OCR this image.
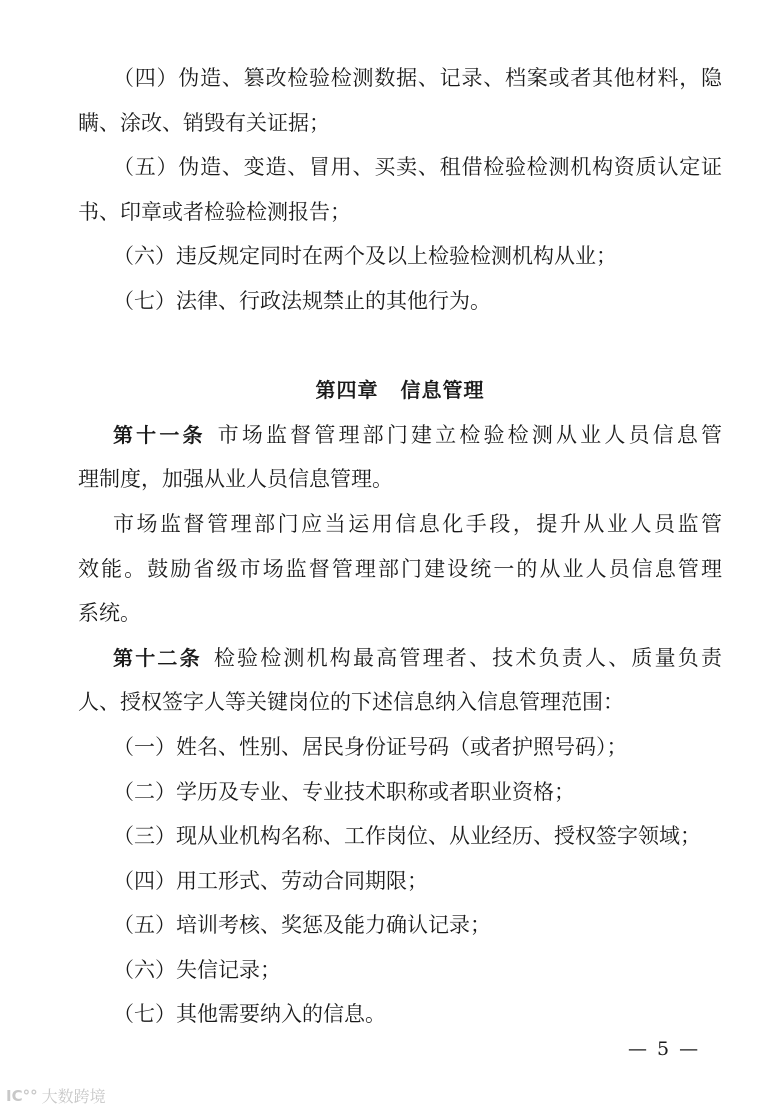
（四）伪造、篡改检验检测数据、记录、档案或者其他材料，隐
瞒、涂改、销毁有关证据；
（五）伪造、变造、冒用、买卖、租借检验检测机构资质认定证
书、印章或者检验检测报告；
（六）违反规定同时在两个及以上检验检测机构从业；
（七）法律、行政法规禁止的其他行为。
第四章 信息管理
第十一条 市场监督管理部门建立检验检测从业人员信息管
理制度，加强从业人员信息管理。
市场监督管理部门应当运用信息化手段，提升从业人员监管
效能。鼓励省级市场监督管理部门建设统一的从业人员信息管理
系统。
第十二条 检验检测机构最高管理者、技术负责人、质量负责
人、授权签字人等关键岗位的下述信息纳入信息管理范围：
（一）姓名、性别、居民身份证号码（或者护照号码）；
（二）学历及专业、专业技术职称或者职业资格；
（三）现从业机构名称、工作岗位、从业经历、授权签字领域；
（四）用工形式、劳动合同期限；
（五）培训考核、奖惩及能力确认记录；
（六）失信记录；
（七）其他需要纳入的信息。
— 5 —
IC°° 大数跨境
